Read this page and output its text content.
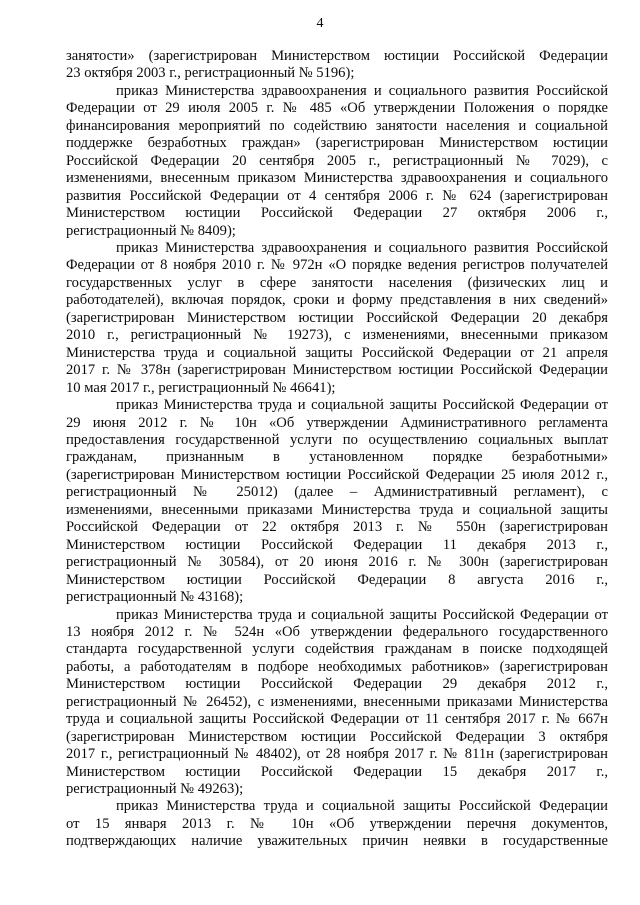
4

занятости» (зарегистрирован Министерством юстиции Российской Федерации
23 октября 2003 г., регистрационный № 5196);

приказ Министерства здравоохранения и социального развития Российской
Федерации от 29 июля 2005 г. № 485 «Об утверждении Положения о порядке
финансирования мероприятий по содействию занятости населения и социальной
поддержке безработных граждан» (зарегистрирован Министерством юстиции
Российской Федерации 20 сентября 2005 г., регистрационный № 7029), с
изменениями, внесенным приказом Министерства здравоохранения и социального
развития Российской Федерации от 4 сентября 2006 г. № 624 (зарегистрирован
Министерством юстиции Российской Федерации 27 октября 2006 г.,
регистрационный № 8409);

приказ Министерства здравоохранения и социального развития Российской
Федерации от 8 ноября 2010 г. № 972н «О порядке ведения регистров получателей
государственных услуг в сфере занятости населения (физических лиц и
работодателей), включая порядок, сроки и форму представления в них сведений»
(зарегистрирован Министерством юстиции Российской Федерации 20 декабря
2010 г., регистрационный № 19273), с изменениями, внесенными приказом
Министерства труда и социальной защиты Российской Федерации от 21 апреля
2017 г. № 378н (зарегистрирован Министерством юстиции Российской Федерации
10 мая 2017 г., регистрационный № 46641);

приказ Министерства труда и социальной защиты Российской Федерации от
29 июня 2012 г. № 10н «Об утверждении Административного регламента
предоставления государственной услуги по осуществлению социальных выплат
гражданам, признанным в установленном порядке безработными»
(зарегистрирован Министерством юстиции Российской Федерации 25 июля 2012 г.,
регистрационный № 25012) (далее – Административный регламент), с
изменениями, внесенными приказами Министерства труда и социальной защиты
Российской Федерации от 22 октября 2013 г. № 550н (зарегистрирован
Министерством юстиции Российской Федерации 11 декабря 2013 г.,
регистрационный № 30584), от 20 июня 2016 г. № 300н (зарегистрирован
Министерством юстиции Российской Федерации 8 августа 2016 г.,
регистрационный № 43168);

приказ Министерства труда и социальной защиты Российской Федерации от
13 ноября 2012 г. № 524н «Об утверждении федерального государственного
стандарта государственной услуги содействия гражданам в поиске подходящей
работы, а работодателям в подборе необходимых работников» (зарегистрирован
Министерством юстиции Российской Федерации 29 декабря 2012 г.,
регистрационный № 26452), с изменениями, внесенными приказами Министерства
труда и социальной защиты Российской Федерации от 11 сентября 2017 г. № 667н
(зарегистрирован Министерством юстиции Российской Федерации 3 октября
2017 г., регистрационный № 48402), от 28 ноября 2017 г. № 811н (зарегистрирован
Министерством юстиции Российской Федерации 15 декабря 2017 г.,
регистрационный № 49263);

приказ Министерства труда и социальной защиты Российской Федерации
от 15 января 2013 г. № 10н «Об утверждении перечня документов,
подтверждающих наличие уважительных причин неявки в государственные
